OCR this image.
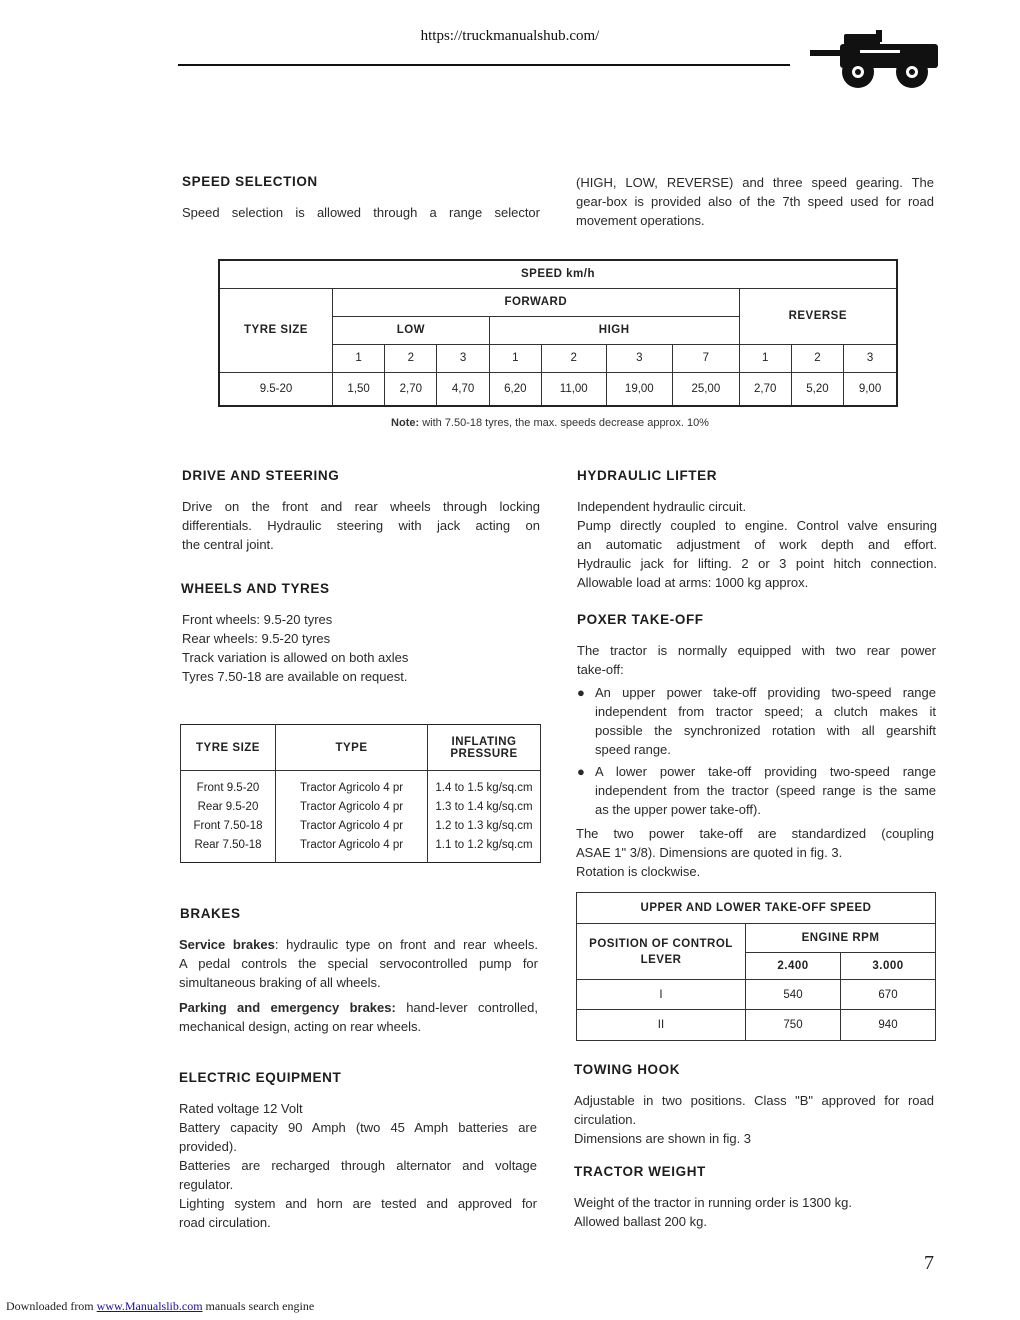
https://truckmanualshub.com/
SPEED SELECTION
Speed selection is allowed through a range selector
(HIGH, LOW, REVERSE) and three speed gearing. The
gear-box is provided also of the 7th speed used for road
movement operations.
SPEED km/h										
TYRE SIZE	FORWARD							REVERSE		
	LOW			HIGH						
	1	2	3	1	2	3	7	1	2	3
9.5-20	1,50	2,70	4,70	6,20	11,00	19,00	25,00	2,70	5,20	9,00
Note: with 7.50-18 tyres, the max. speeds decrease approx. 10%
DRIVE AND STEERING
Drive on the front and rear wheels through locking
differentials. Hydraulic steering with jack acting on
the central joint.
WHEELS AND TYRES
Front wheels: 9.5-20 tyres
Rear wheels: 9.5-20 tyres
Track variation is allowed on both axles
Tyres 7.50-18 are available on request.
TYRE SIZE	TYPE	INFLATING PRESSURE

Front 9.5-20	Tractor Agricolo 4 pr	1.4 to 1.5 kg/sq.cm
Rear 9.5-20	Tractor Agricolo 4 pr	1.3 to 1.4 kg/sq.cm
Front 7.50-18	Tractor Agricolo 4 pr	1.2 to 1.3 kg/sq.cm
Rear 7.50-18	Tractor Agricolo 4 pr	1.1 to 1.2 kg/sq.cm

BRAKES
Service brakes: hydraulic type on front and rear wheels.
A pedal controls the special servocontrolled pump for
simultaneous braking of all wheels.
Parking and emergency brakes: hand-lever controlled,
mechanical design, acting on rear wheels.
ELECTRIC EQUIPMENT
Rated voltage 12 Volt
Battery capacity 90 Amph (two 45 Amph batteries are
provided).
Batteries are recharged through alternator and voltage
regulator.
Lighting system and horn are tested and approved for
road circulation.
HYDRAULIC LIFTER
Independent hydraulic circuit.
Pump directly coupled to engine. Control valve ensuring
an automatic adjustment of work depth and effort.
Hydraulic jack for lifting. 2 or 3 point hitch connection.
Allowable load at arms: 1000 kg approx.
POXER TAKE-OFF
The tractor is normally equipped with two rear power
take-off:
● An upper power take-off providing two-speed range
independent from tractor speed; a clutch makes it
possible the synchronized rotation with all gearshift
speed range.
● A lower power take-off providing two-speed range
independent from the tractor (speed range is the same
as the upper power take-off).
The two power take-off are standardized (coupling
ASAE 1" 3/8). Dimensions are quoted in fig. 3.
Rotation is clockwise.
UPPER AND LOWER TAKE-OFF SPEED		
POSITION OF CONTROL LEVER	ENGINE RPM	
	2.400	3.000
I	540	670
II	750	940
TOWING HOOK
Adjustable in two positions. Class "B" approved for road
circulation.
Dimensions are shown in fig. 3
TRACTOR WEIGHT
Weight of the tractor in running order is 1300 kg.
Allowed ballast 200 kg.
7
Downloaded from www.Manualslib.com manuals search engine
